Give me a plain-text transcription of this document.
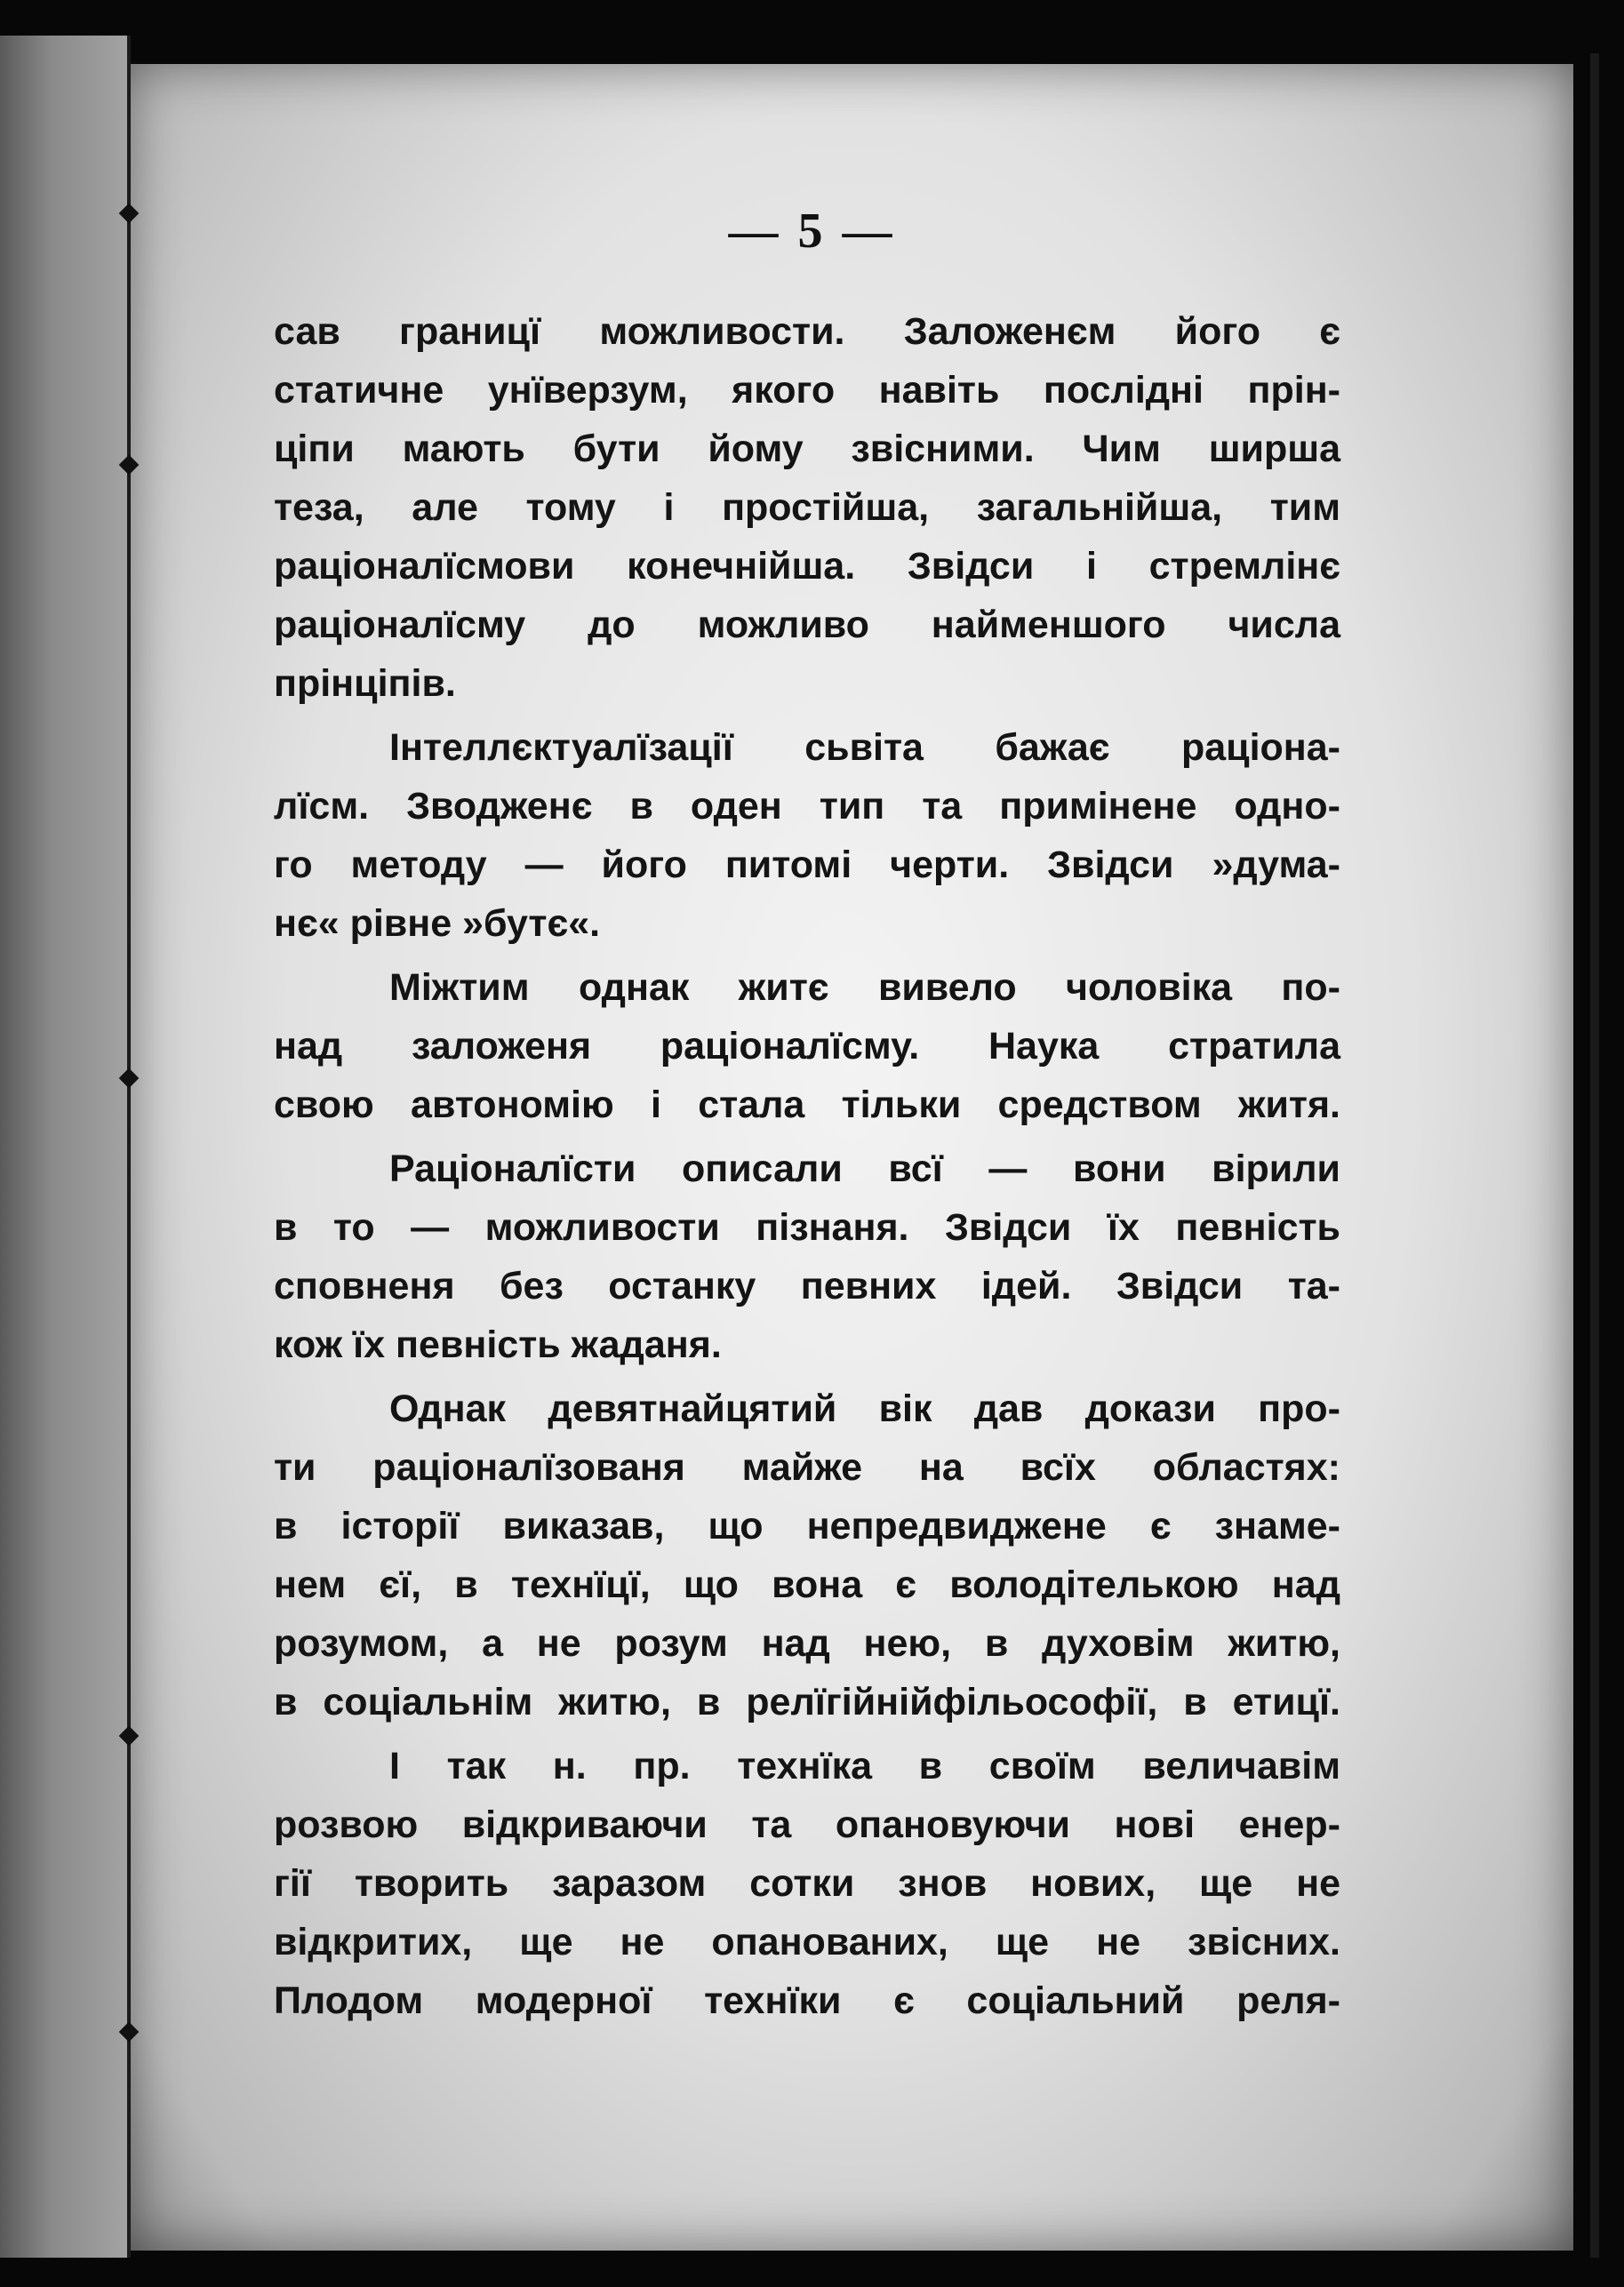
— 5 —
сав границї можливости. Заложенєм його є
статичне унїверзум, якого навіть послідні прін-
ціпи мають бути йому звісними. Чим ширша
теза, але тому і простійша, загальнійша, тим
раціоналїсмови конечнійша. Звідси і стремлінє
раціоналїсму до можливо найменшого числа
прінціпів.
Інтеллєктуалїзації сьвіта бажає раціона-
лїсм. Зводженє в оден тип та примінене одно-
го методу — його питомі черти. Звідси »дума-
нє« рівне »бутє«.
Міжтим однак житє вивело чоловіка по-
над заложеня раціоналїсму. Наука стратила
свою автономію і стала тільки средством житя.
Раціоналїсти описали всї — вони вірили
в то — можливости пізнаня. Звідси їх певність
сповненя без останку певних ідей. Звідси та-
кож їх певність жаданя.
Однак девятнайцятий вік дав докази про-
ти раціоналїзованя майже на всїх областях:
в історії виказав, що непредвиджене є знаме-
нем єї, в технїцї, що вона є володітелькою над
розумом, а не розум над нею, в духовім житю,
в соціальнім житю, в релїгійнійфільософії, в етицї.
І так н. пр. технїка в своїм величавім
розвою відкриваючи та опановуючи нові енер-
гії творить заразом сотки знов нових, ще не
відкритих, ще не опанованих, ще не звісних.
Плодом модерної технїки є соціальний реля-
